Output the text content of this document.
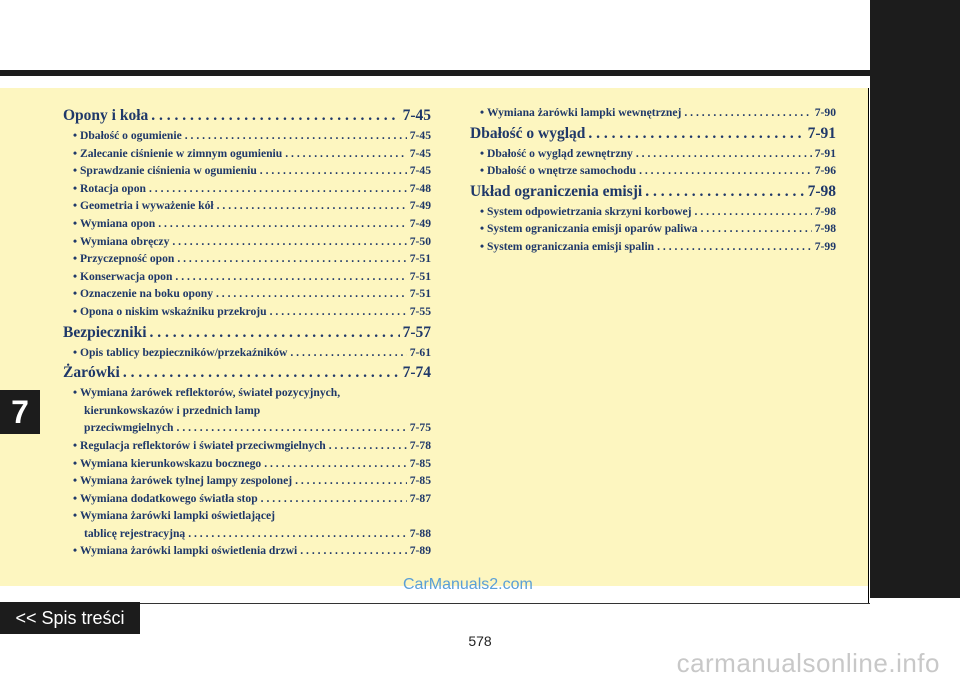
7
Opony i koła . . .	7-45
• Dbałość o ogumienie . . .	7-45
• Zalecanie ciśnienie w zimnym ogumieniu . . .	7-45
• Sprawdzanie ciśnienia w ogumieniu . . .	7-45
• Rotacja opon . . .	7-48
• Geometria i wyważenie kół . . .	7-49
• Wymiana opon . . .	7-49
• Wymiana obręczy . . .	7-50
• Przyczepność opon . . .	7-51
• Konserwacja opon . . .	7-51
• Oznaczenie na boku opony . . .	7-51
• Opona o niskim wskaźniku przekroju . . .	7-55
Bezpieczniki . . .	7-57
• Opis tablicy bezpieczników/przekaźników . . .	7-61
Żarówki . . .	7-74
• Wymiana żarówek reflektorów, świateł pozycyjnych,
kierunkowskazów i przednich lamp
przeciwmgielnych . . .	7-75
• Regulacja reflektorów i świateł przeciwmgielnych . . .	7-78
• Wymiana kierunkowskazu bocznego . . .	7-85
• Wymiana żarówek tylnej lampy zespolonej . . .	7-85
• Wymiana dodatkowego światła stop . . .	7-87
• Wymiana żarówki lampki oświetlającej
tablicę rejestracyjną . . .	7-88
• Wymiana żarówki lampki oświetlenia drzwi . . .	7-89
• Wymiana żarówki lampki wewnętrznej . . .	7-90
Dbałość o wygląd . . .	7-91
• Dbałość o wygląd zewnętrzny . . .	7-91
• Dbałość o wnętrze samochodu . . .	7-96
Układ ograniczenia emisji . . .	7-98
• System odpowietrzania skrzyni korbowej . . .	7-98
• System ograniczania emisji oparów paliwa . . .	7-98
• System ograniczania emisji spalin . . .	7-99
CarManuals2.com
<< Spis treści
578
carmanualsonline.info
